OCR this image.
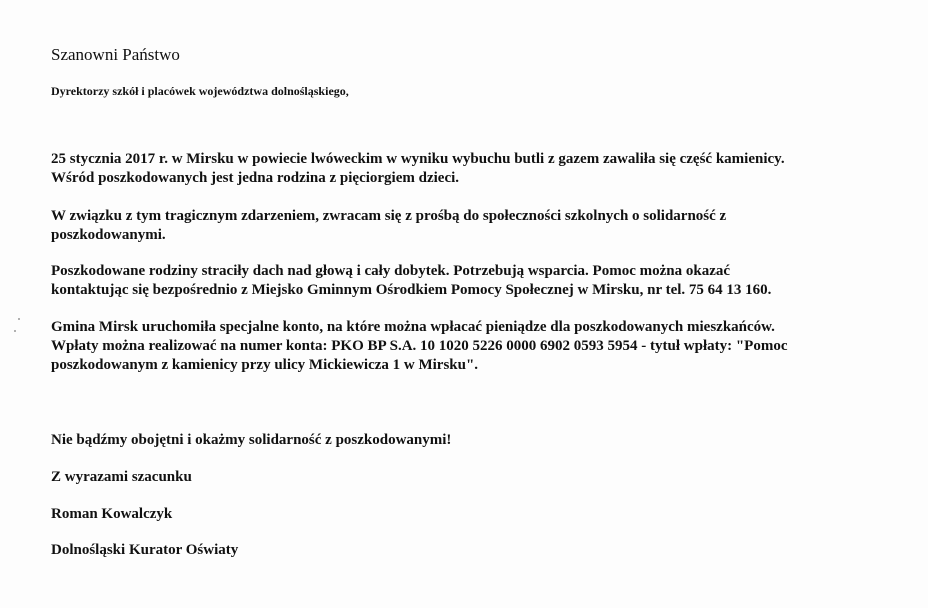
Szanowni Państwo

Dyrektorzy szkół i placówek województwa dolnośląskiego,

25 stycznia 2017 r. w Mirsku w powiecie lwóweckim w wyniku wybuchu butli z gazem zawaliła się część kamienicy.
Wśród poszkodowanych jest jedna rodzina z pięciorgiem dzieci.

W związku z tym tragicznym zdarzeniem, zwracam się z prośbą do społeczności szkolnych o solidarność z
poszkodowanymi.

Poszkodowane rodziny straciły dach nad głową i cały dobytek. Potrzebują wsparcia. Pomoc można okazać
kontaktując się bezpośrednio z Miejsko Gminnym Ośrodkiem Pomocy Społecznej w Mirsku, nr tel. 75 64 13 160.

Gmina Mirsk uruchomiła specjalne konto, na które można wpłacać pieniądze dla poszkodowanych mieszkańców.
Wpłaty można realizować na numer konta: PKO BP S.A. 10 1020 5226 0000 6902 0593 5954 - tytuł wpłaty: "Pomoc
poszkodowanym z kamienicy przy ulicy Mickiewicza 1 w Mirsku".

Nie bądźmy obojętni i okażmy solidarność z poszkodowanymi!

Z wyrazami szacunku

Roman Kowalczyk

Dolnośląski Kurator Oświaty
